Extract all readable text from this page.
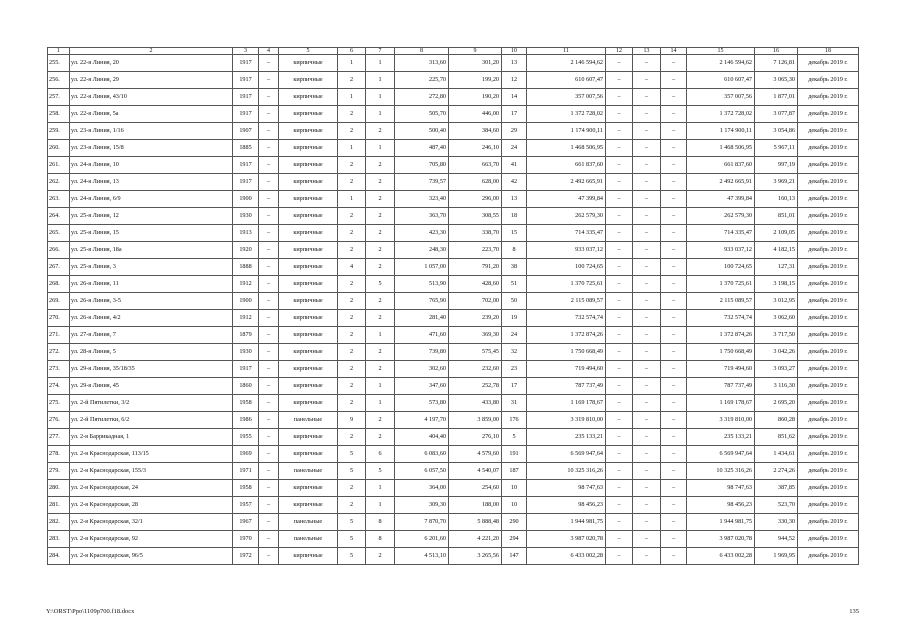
1	2	3	4	5	6	7	8	9	10	11	12	13	14	15	16	18
255.	ул. 22-я Линия, 20	1917	–	кирпичные	1	1	313,60	301,20	13	2 146 594,62	–	–	–	2 146 594,62	7 126,81	декабрь 2019 г.
256.	ул. 22-я Линия, 29	1917	–	кирпичные	2	1	225,70	199,20	12	610 607,47	–	–	–	610 607,47	3 065,30	декабрь 2019 г.
257.	ул. 22-я Линия, 43/10	1917	–	кирпичные	1	1	272,80	190,20	14	357 007,56	–	–	–	357 007,56	1 877,01	декабрь 2019 г.
258.	ул. 22-я Линия, 5а	1917	–	кирпичные	2	1	505,70	446,00	17	1 372 728,02	–	–	–	1 372 728,02	3 077,87	декабрь 2019 г.
259.	ул. 23-я Линия, 1/16	1907	–	кирпичные	2	2	500,40	384,60	29	1 174 900,11	–	–	–	1 174 900,11	3 054,86	декабрь 2019 г.
260.	ул. 23-я Линия, 15/8	1885	–	кирпичные	1	1	487,40	246,10	24	1 468 506,95	–	–	–	1 468 506,95	5 967,11	декабрь 2019 г.
261.	ул. 24-я Линия, 10	1917	–	кирпичные	2	2	705,80	663,70	41	661 837,60	–	–	–	661 837,60	997,19	декабрь 2019 г.
262.	ул. 24-я Линия, 13	1917	–	кирпичные	2	2	739,57	628,00	42	2 492 665,91	–	–	–	2 492 665,91	3 969,21	декабрь 2019 г.
263.	ул. 24-я Линия, 6/9	1900	–	кирпичные	1	2	323,40	296,00	13	47 399,84	–	–	–	47 399,84	160,13	декабрь 2019 г.
264.	ул. 25-я Линия, 12	1930	–	кирпичные	2	2	363,70	308,55	18	262 579,30	–	–	–	262 579,30	851,01	декабрь 2019 г.
265.	ул. 25-я Линия, 15	1913	–	кирпичные	2	2	423,30	338,70	15	714 335,47	–	–	–	714 335,47	2 109,05	декабрь 2019 г.
266.	ул. 25-я Линия, 18а	1920	–	кирпичные	2	2	248,30	223,70	8	933 037,12	–	–	–	933 037,12	4 182,15	декабрь 2019 г.
267.	ул. 25-я Линия, 3	1888	–	кирпичные	4	2	1 057,00	791,20	38	100 724,65	–	–	–	100 724,65	127,31	декабрь 2019 г.
268.	ул. 26-я Линия, 11	1912	–	кирпичные	2	5	513,90	428,60	51	1 370 725,61	–	–	–	1 370 725,61	3 198,15	декабрь 2019 г.
269.	ул. 26-я Линия, 3-5	1900	–	кирпичные	2	2	765,90	702,00	50	2 115 089,57	–	–	–	2 115 089,57	3 012,95	декабрь 2019 г.
270.	ул. 26-я Линия, 4/2	1912	–	кирпичные	2	2	281,40	239,20	19	732 574,74	–	–	–	732 574,74	3 062,60	декабрь 2019 г.
271.	ул. 27-я Линия, 7	1879	–	кирпичные	2	1	471,60	369,30	24	1 372 874,26	–	–	–	1 372 874,26	3 717,50	декабрь 2019 г.
272.	ул. 28-я Линия, 5	1930	–	кирпичные	2	2	739,80	575,45	32	1 750 668,49	–	–	–	1 750 668,49	3 042,26	декабрь 2019 г.
273.	ул. 29-я Линия, 35/18/35	1917	–	кирпичные	2	2	302,60	232,60	23	719 494,60	–	–	–	719 494,60	3 093,27	декабрь 2019 г.
274.	ул. 29-я Линия, 45	1860	–	кирпичные	2	1	347,60	252,78	17	787 737,49	–	–	–	787 737,49	3 116,30	декабрь 2019 г.
275.	ул. 2-й Пятилетки, 3/2	1958	–	кирпичные	2	1	573,80	433,80	31	1 169 178,67	–	–	–	1 169 178,67	2 695,20	декабрь 2019 г.
276.	ул. 2-й Пятилетки, 6/2	1986	–	панельные	9	2	4 197,70	3 859,00	176	3 319 810,00	–	–	–	3 319 810,00	860,28	декабрь 2019 г.
277.	ул. 2-я Баррикадная, 1	1955	–	кирпичные	2	2	404,40	276,10	5	235 133,21	–	–	–	235 133,21	851,62	декабрь 2019 г.
278.	ул. 2-я Краснодарская, 113/15	1969	–	кирпичные	5	6	6 083,60	4 579,60	191	6 569 947,64	–	–	–	6 569 947,64	1 434,61	декабрь 2019 г.
279.	ул. 2-я Краснодарская, 155/3	1971	–	панельные	5	5	6 057,50	4 540,07	187	10 325 316,26	–	–	–	10 325 316,26	2 274,26	декабрь 2019 г.
280.	ул. 2-я Краснодарская, 24	1958	–	кирпичные	2	1	364,00	254,60	10	98 747,63	–	–	–	98 747,63	387,85	декабрь 2019 г.
281.	ул. 2-я Краснодарская, 28	1957	–	кирпичные	2	1	309,30	188,00	10	98 456,23	–	–	–	98 456,23	523,70	декабрь 2019 г.
282.	ул. 2-я Краснодарская, 32/1	1967	–	панельные	5	8	7 870,70	5 888,48	290	1 944 981,75	–	–	–	1 944 981,75	330,30	декабрь 2019 г.
283.	ул. 2-я Краснодарская, 92	1970	–	панельные	5	8	6 201,60	4 221,20	294	3 987 020,78	–	–	–	3 987 020,78	944,52	декабрь 2019 г.
284.	ул. 2-я Краснодарская, 96/5	1972	–	кирпичные	5	2	4 513,10	3 265,56	147	6 433 002,28	–	–	–	6 433 002,28	1 969,95	декабрь 2019 г.
Y:\ORST\Ppo\1109p700.f18.docx	135
